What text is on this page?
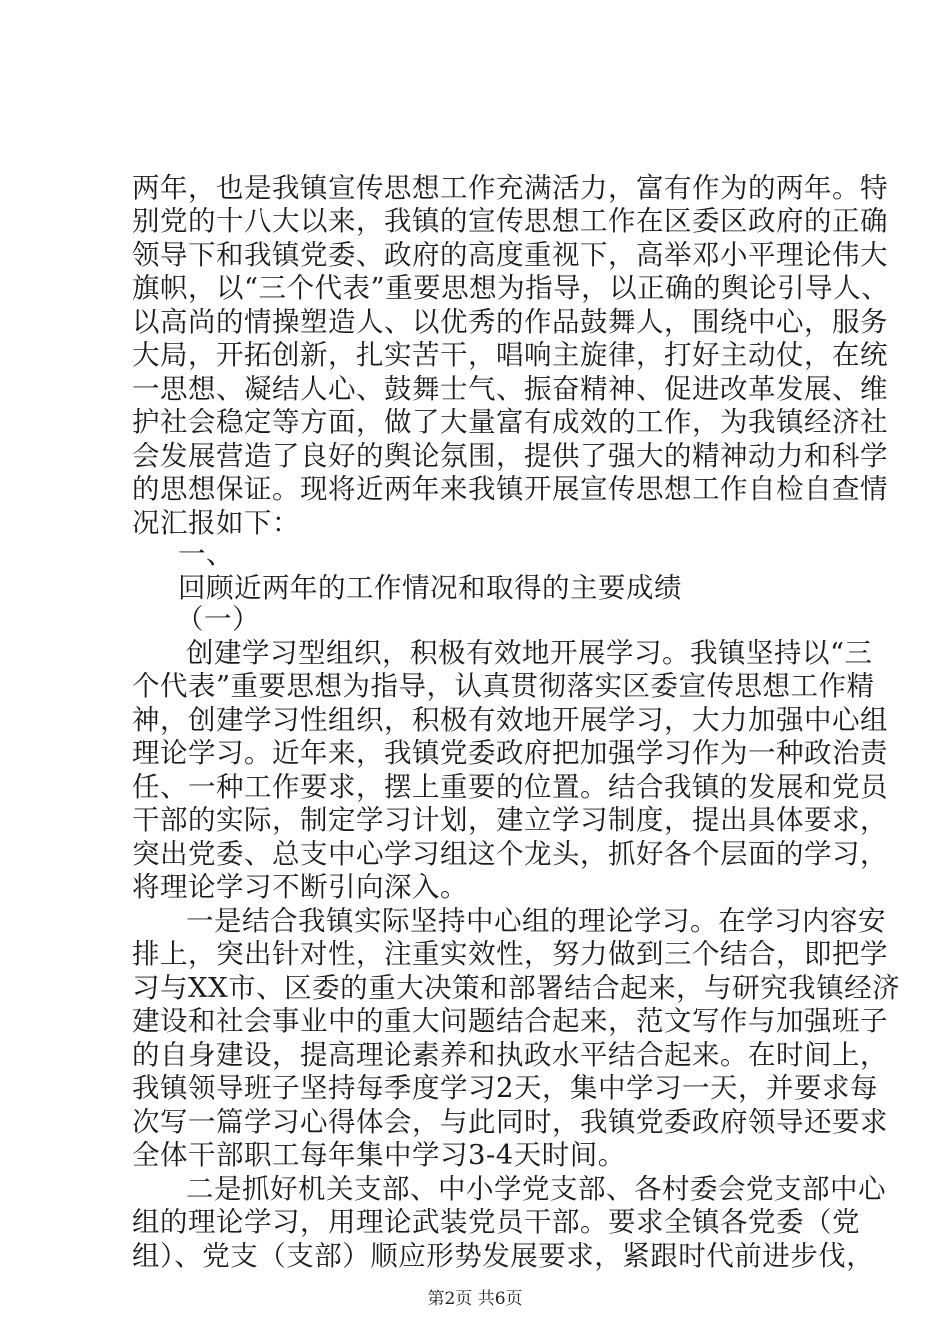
两年，也是我镇宣传思想工作充满活力，富有作为的两年。特
别党的十八大以来，我镇的宣传思想工作在区委区政府的正确
领导下和我镇党委、政府的高度重视下，高举邓小平理论伟大
旗帜，以“三个代表”重要思想为指导，以正确的舆论引导人、
以高尚的情操塑造人、以优秀的作品鼓舞人，围绕中心，服务
大局，开拓创新，扎实苦干，唱响主旋律，打好主动仗，在统
一思想、凝结人心、鼓舞士气、振奋精神、促进改革发展、维
护社会稳定等方面，做了大量富有成效的工作，为我镇经济社
会发展营造了良好的舆论氛围，提供了强大的精神动力和科学
的思想保证。现将近两年来我镇开展宣传思想工作自检自查情
况汇报如下：
一、
回顾近两年的工作情况和取得的主要成绩
（一）
创建学习型组织，积极有效地开展学习。我镇坚持以“三
个代表”重要思想为指导，认真贯彻落实区委宣传思想工作精
神，创建学习性组织，积极有效地开展学习，大力加强中心组
理论学习。近年来，我镇党委政府把加强学习作为一种政治责
任、一种工作要求，摆上重要的位置。结合我镇的发展和党员
干部的实际，制定学习计划，建立学习制度，提出具体要求，
突出党委、总支中心学习组这个龙头，抓好各个层面的学习，
将理论学习不断引向深入。
一是结合我镇实际坚持中心组的理论学习。在学习内容安
排上，突出针对性，注重实效性，努力做到三个结合，即把学
习与XX市、区委的重大决策和部署结合起来，与研究我镇经济
建设和社会事业中的重大问题结合起来，范文写作与加强班子
的自身建设，提高理论素养和执政水平结合起来。在时间上，
我镇领导班子坚持每季度学习2天，集中学习一天，并要求每
次写一篇学习心得体会，与此同时，我镇党委政府领导还要求
全体干部职工每年集中学习3-4天时间。
二是抓好机关支部、中小学党支部、各村委会党支部中心
组的理论学习，用理论武装党员干部。要求全镇各党委（党
组）、党支（支部）顺应形势发展要求，紧跟时代前进步伐，
第2页 共6页
